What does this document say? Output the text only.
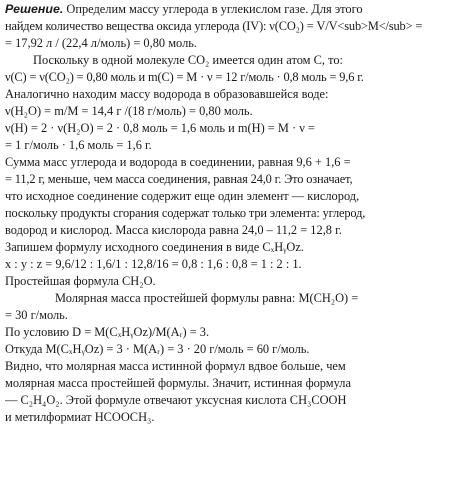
Решение. Определим массу углерода в углекислом газе. Для этого
найдем количество вещества оксида углерода (IV): ν(CO₂) = V/V<sub>M</sub> =
= 17,92 л / (22,4 л/моль) = 0,80 моль.
Поскольку в одной молекуле CO₂ имеется один атом C, то:
ν(C) = ν(CO₂) = 0,80 моль и m(C) = M · ν = 12 г/моль · 0,8 моль = 9,6 г.
Аналогично находим массу водорода в образовавшейся воде:
ν(H₂O) = m/M = 14,4 г /(18 г/моль) = 0,80 моль.
ν(H) = 2 · ν(H₂O) = 2 · 0,8 моль = 1,6 моль и m(H) = M · ν =
= 1 г/моль · 1,6 моль = 1,6 г.
Сумма масс углерода и водорода в соединении, равная 9,6 + 1,6 =
= 11,2 г, меньше, чем масса соединения, равная 24,0 г. Это означает,
что исходное соединение содержит еще один элемент — кислород,
поскольку продукты сгорания содержат только три элемента: углерод,
водород и кислород. Масса кислорода равна 24,0 – 11,2 = 12,8 г.
Запишем формулу исходного соединения в виде CₓHᵧOz.
x : y : z = 9,6/12 : 1,6/1 : 12,8/16 = 0,8 : 1,6 : 0,8 = 1 : 2 : 1.
Простейшая формула CH₂O.
Молярная масса простейшей формулы равна: M(CH₂O) =
= 30 г/моль.
По условию D = M(CₓHᵧOz)/M(Aᵣ) = 3.
Откуда M(CₓHᵧOz) = 3 · M(Aᵣ) = 3 · 20 г/моль = 60 г/моль.
Видно, что молярная масса истинной формул вдвое больше, чем
молярная масса простейшей формулы. Значит, истинная формула
— C₂H₄O₂. Этой формуле отвечают уксусная кислота CH₃COOH
и метилформиат HCOOCH₃.
